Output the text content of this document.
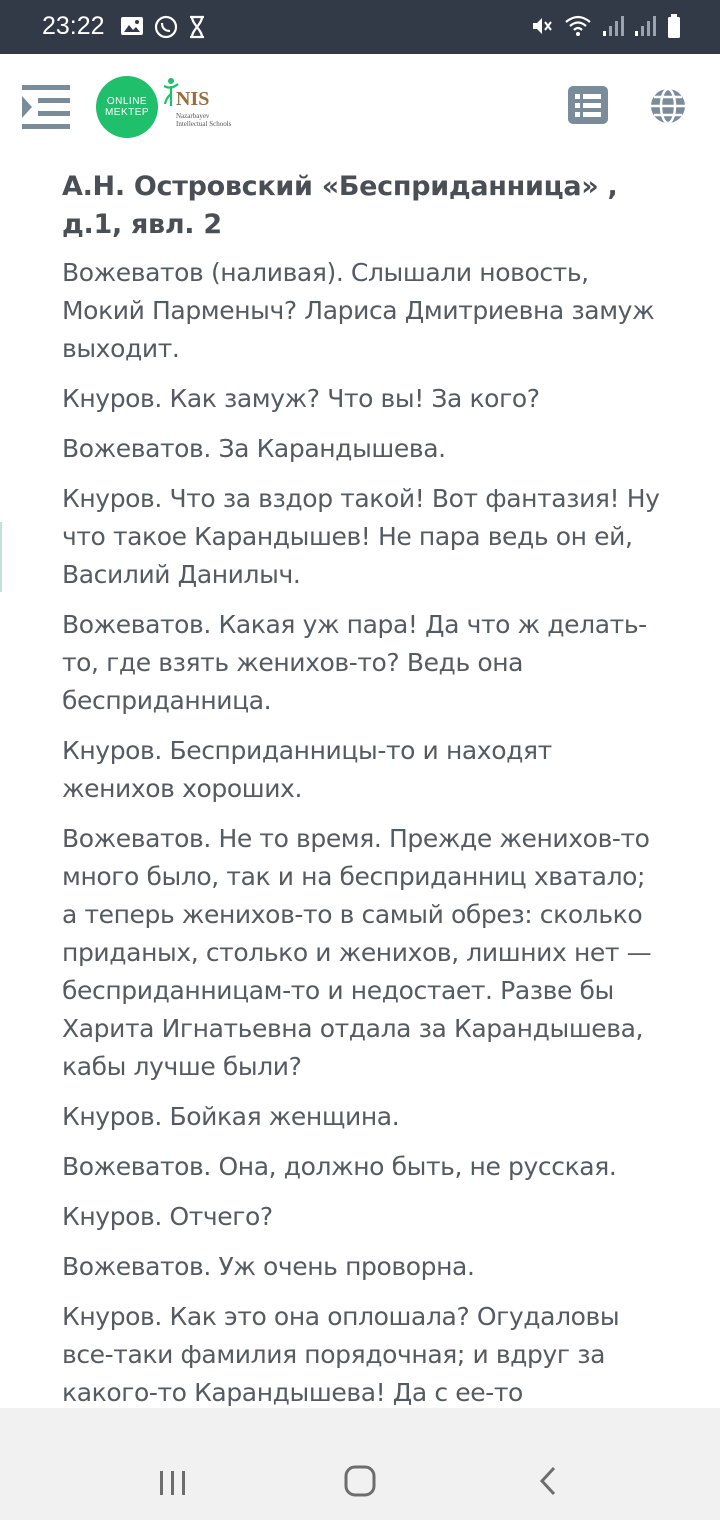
23:22
ONLINE
MEKTEP
NIS
Nazarbayev Intellectual Schools
А.Н. Островский «Бесприданница» , д.1, явл. 2

Вожеватов (наливая). Слышали новость, Мокий Парменыч? Лариса Дмитриевна замуж выходит.

Кнуров. Как замуж? Что вы! За кого?

Вожеватов. За Карандышева.

Кнуров. Что за вздор такой! Вот фантазия! Ну что такое Карандышев! Не пара ведь он ей, Василий Данилыч.

Вожеватов. Какая уж пара! Да что ж делать-то, где взять женихов-то? Ведь она бесприданница.

Кнуров. Бесприданницы-то и находят женихов хороших.

Вожеватов. Не то время. Прежде женихов-то много было, так и на бесприданниц хватало; а теперь женихов-то в самый обрез: сколько приданых, столько и женихов, лишних нет — бесприданницам-то и недостает. Разве бы Харита Игнатьевна отдала за Карандышева, кабы лучше были?

Кнуров. Бойкая женщина.

Вожеватов. Она, должно быть, не русская.

Кнуров. Отчего?

Вожеватов. Уж очень проворна.

Кнуров. Как это она оплошала? Огудаловы все-таки фамилия порядочная; и вдруг за какого-то Карандышева! Да с ее-то
